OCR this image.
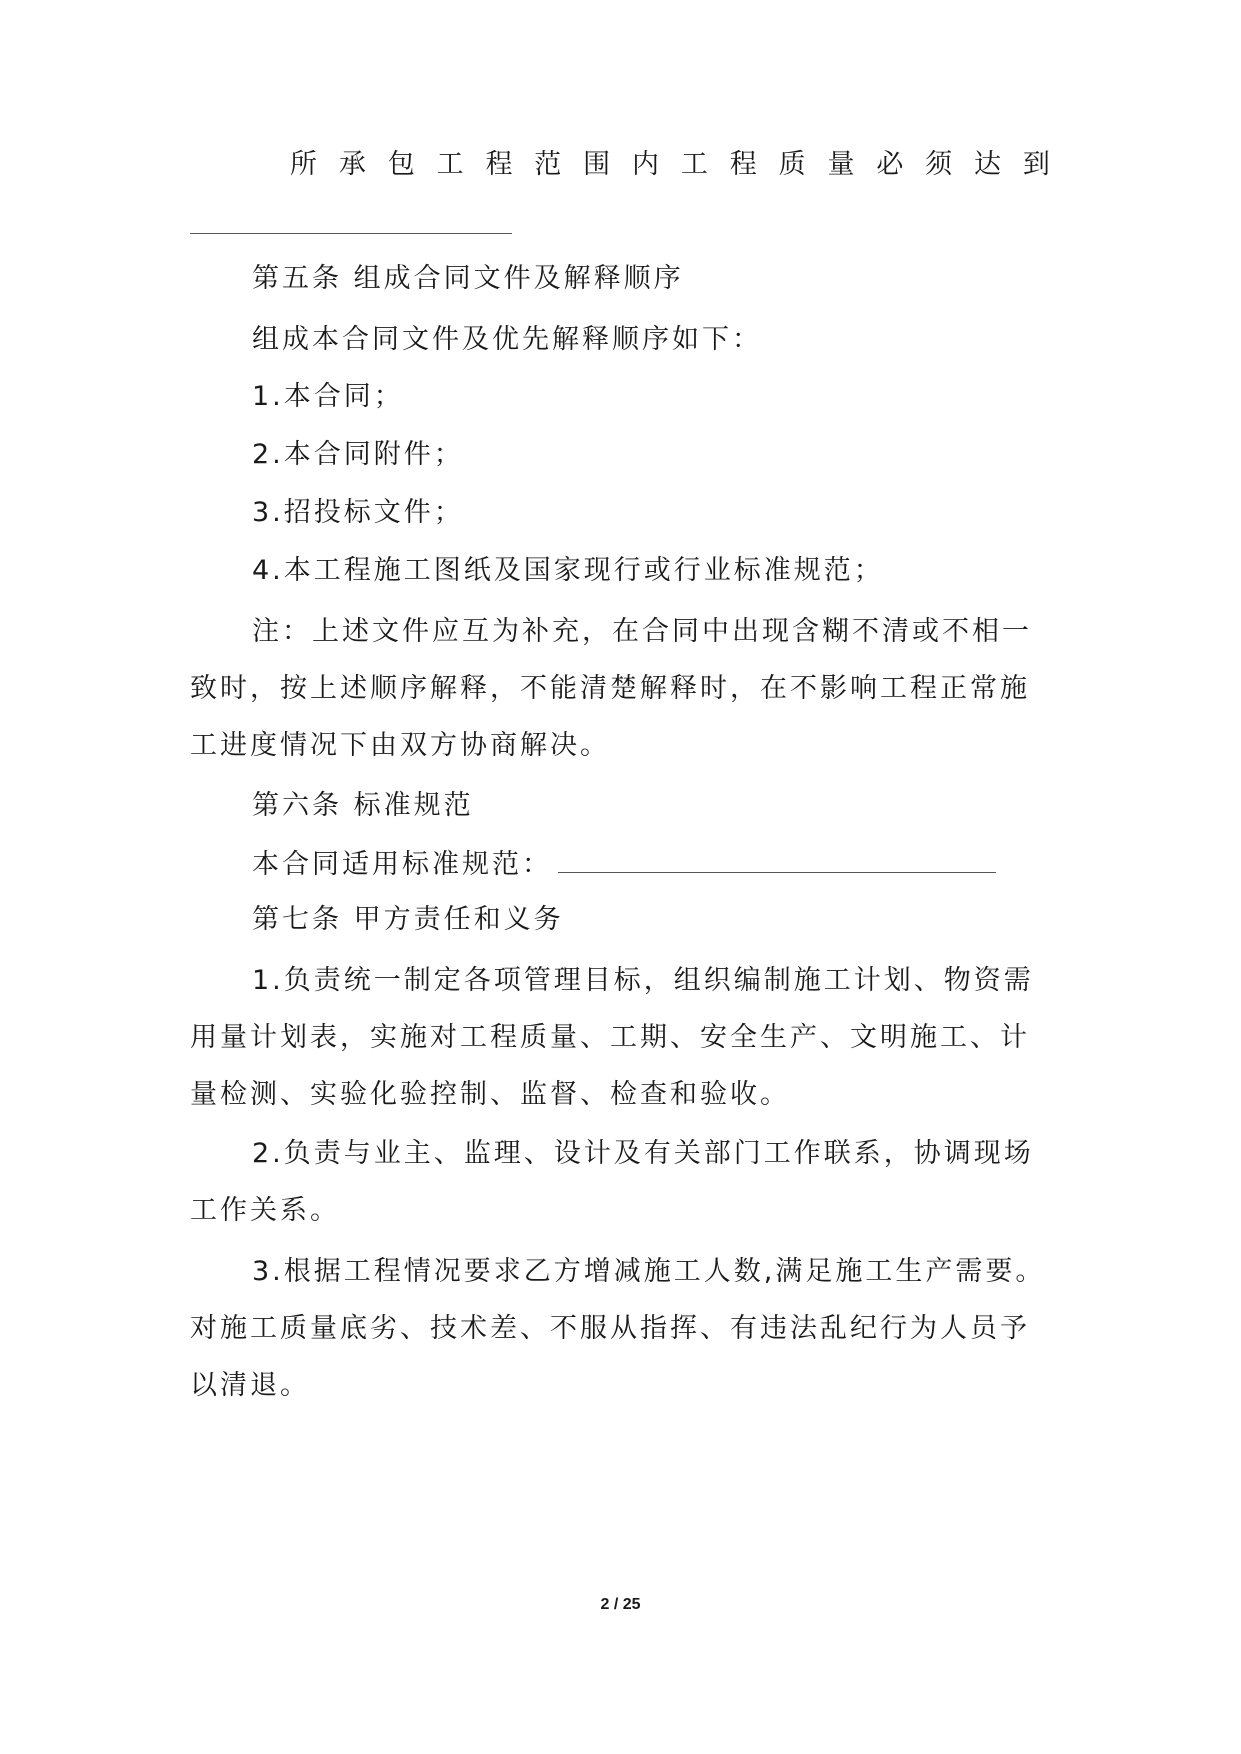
所 承 包 工 程 范 围 内 工 程 质 量 必 须 达 到
第五条 组成合同文件及解释顺序
组成本合同文件及优先解释顺序如下：
1.本合同；
2.本合同附件；
3.招投标文件；
4.本工程施工图纸及国家现行或行业标准规范；
注：上述文件应互为补充，在合同中出现含糊不清或不相一
致时，按上述顺序解释，不能清楚解释时，在不影响工程正常施
工进度情况下由双方协商解决。
第六条 标准规范
本合同适用标准规范：
第七条 甲方责任和义务
1.负责统一制定各项管理目标，组织编制施工计划、物资需
用量计划表，实施对工程质量、工期、安全生产、文明施工、计
量检测、实验化验控制、监督、检查和验收。
2.负责与业主、监理、设计及有关部门工作联系，协调现场
工作关系。
3.根据工程情况要求乙方增减施工人数,满足施工生产需要。
对施工质量底劣、技术差、不服从指挥、有违法乱纪行为人员予
以清退。
2 / 25
